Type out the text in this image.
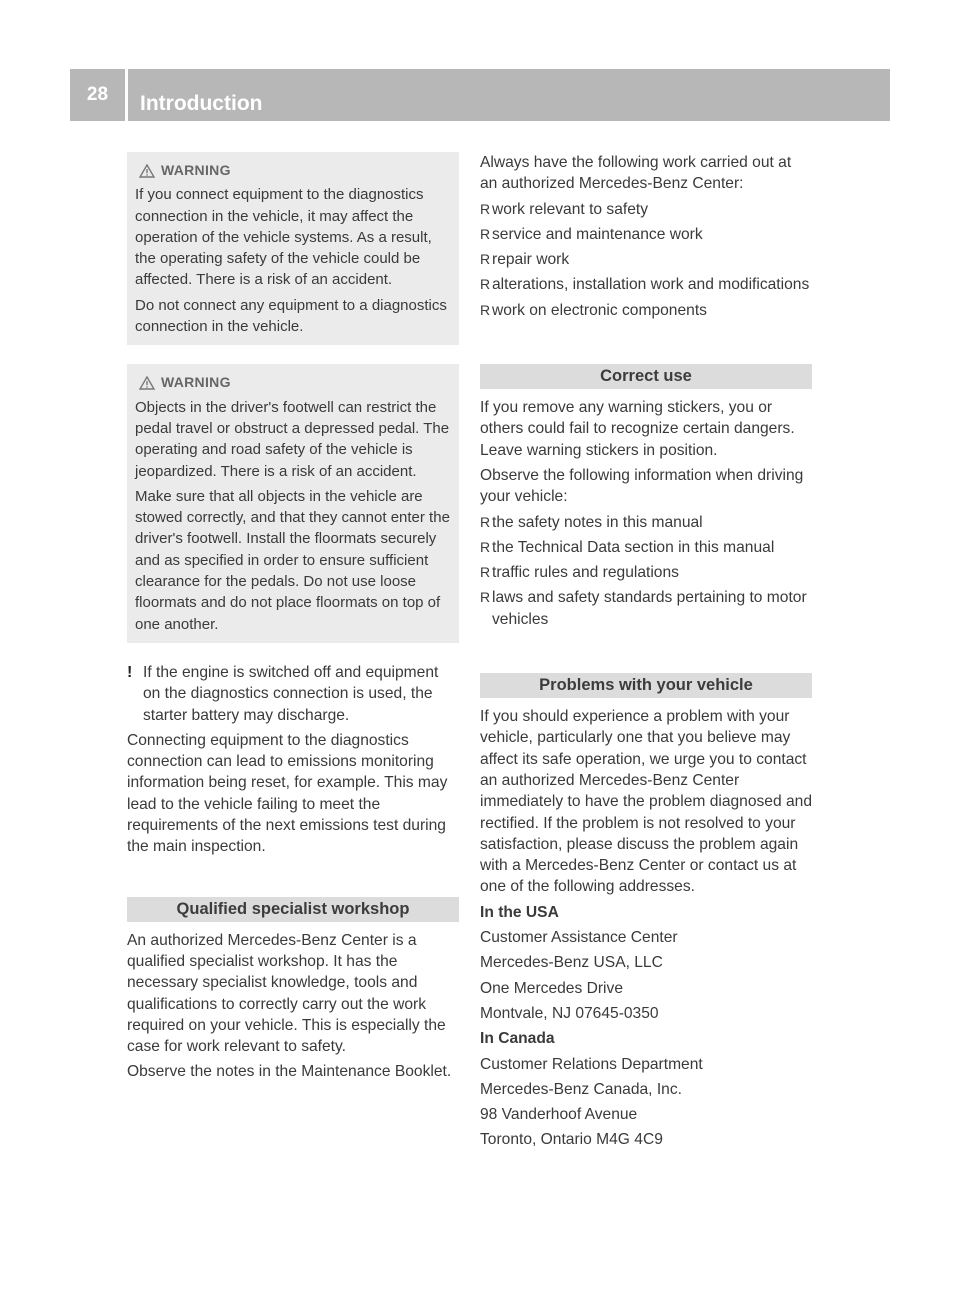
28	Introduction
WARNING

If you connect equipment to the diagnostics connection in the vehicle, it may affect the operation of the vehicle systems. As a result, the operating safety of the vehicle could be affected. There is a risk of an accident.

Do not connect any equipment to a diagnostics connection in the vehicle.

WARNING

Objects in the driver's footwell can restrict the pedal travel or obstruct a depressed pedal. The operating and road safety of the vehicle is jeopardized. There is a risk of an accident.

Make sure that all objects in the vehicle are stowed correctly, and that they cannot enter the driver's footwell. Install the floormats securely and as specified in order to ensure sufficient clearance for the pedals. Do not use loose floormats and do not place floormats on top of one another.

! If the engine is switched off and equipment on the diagnostics connection is used, the starter battery may discharge.

Connecting equipment to the diagnostics connection can lead to emissions monitoring information being reset, for example. This may lead to the vehicle failing to meet the requirements of the next emissions test during the main inspection.

Qualified specialist workshop

An authorized Mercedes-Benz Center is a qualified specialist workshop. It has the necessary specialist knowledge, tools and qualifications to correctly carry out the work required on your vehicle. This is especially the case for work relevant to safety.

Observe the notes in the Maintenance Booklet.

Always have the following work carried out at an authorized Mercedes-Benz Center:

R work relevant to safety
R service and maintenance work
R repair work
R alterations, installation work and modifications
R work on electronic components
Correct use

If you remove any warning stickers, you or others could fail to recognize certain dangers. Leave warning stickers in position.

Observe the following information when driving your vehicle:

R the safety notes in this manual
R the Technical Data section in this manual
R traffic rules and regulations
R laws and safety standards pertaining to motor vehicles
Problems with your vehicle

If you should experience a problem with your vehicle, particularly one that you believe may affect its safe operation, we urge you to contact an authorized Mercedes-Benz Center immediately to have the problem diagnosed and rectified. If the problem is not resolved to your satisfaction, please discuss the problem again with a Mercedes-Benz Center or contact us at one of the following addresses.

In the USA
Customer Assistance Center
Mercedes-Benz USA, LLC
One Mercedes Drive
Montvale, NJ 07645-0350
In Canada
Customer Relations Department
Mercedes-Benz Canada, Inc.
98 Vanderhoof Avenue
Toronto, Ontario M4G 4C9
